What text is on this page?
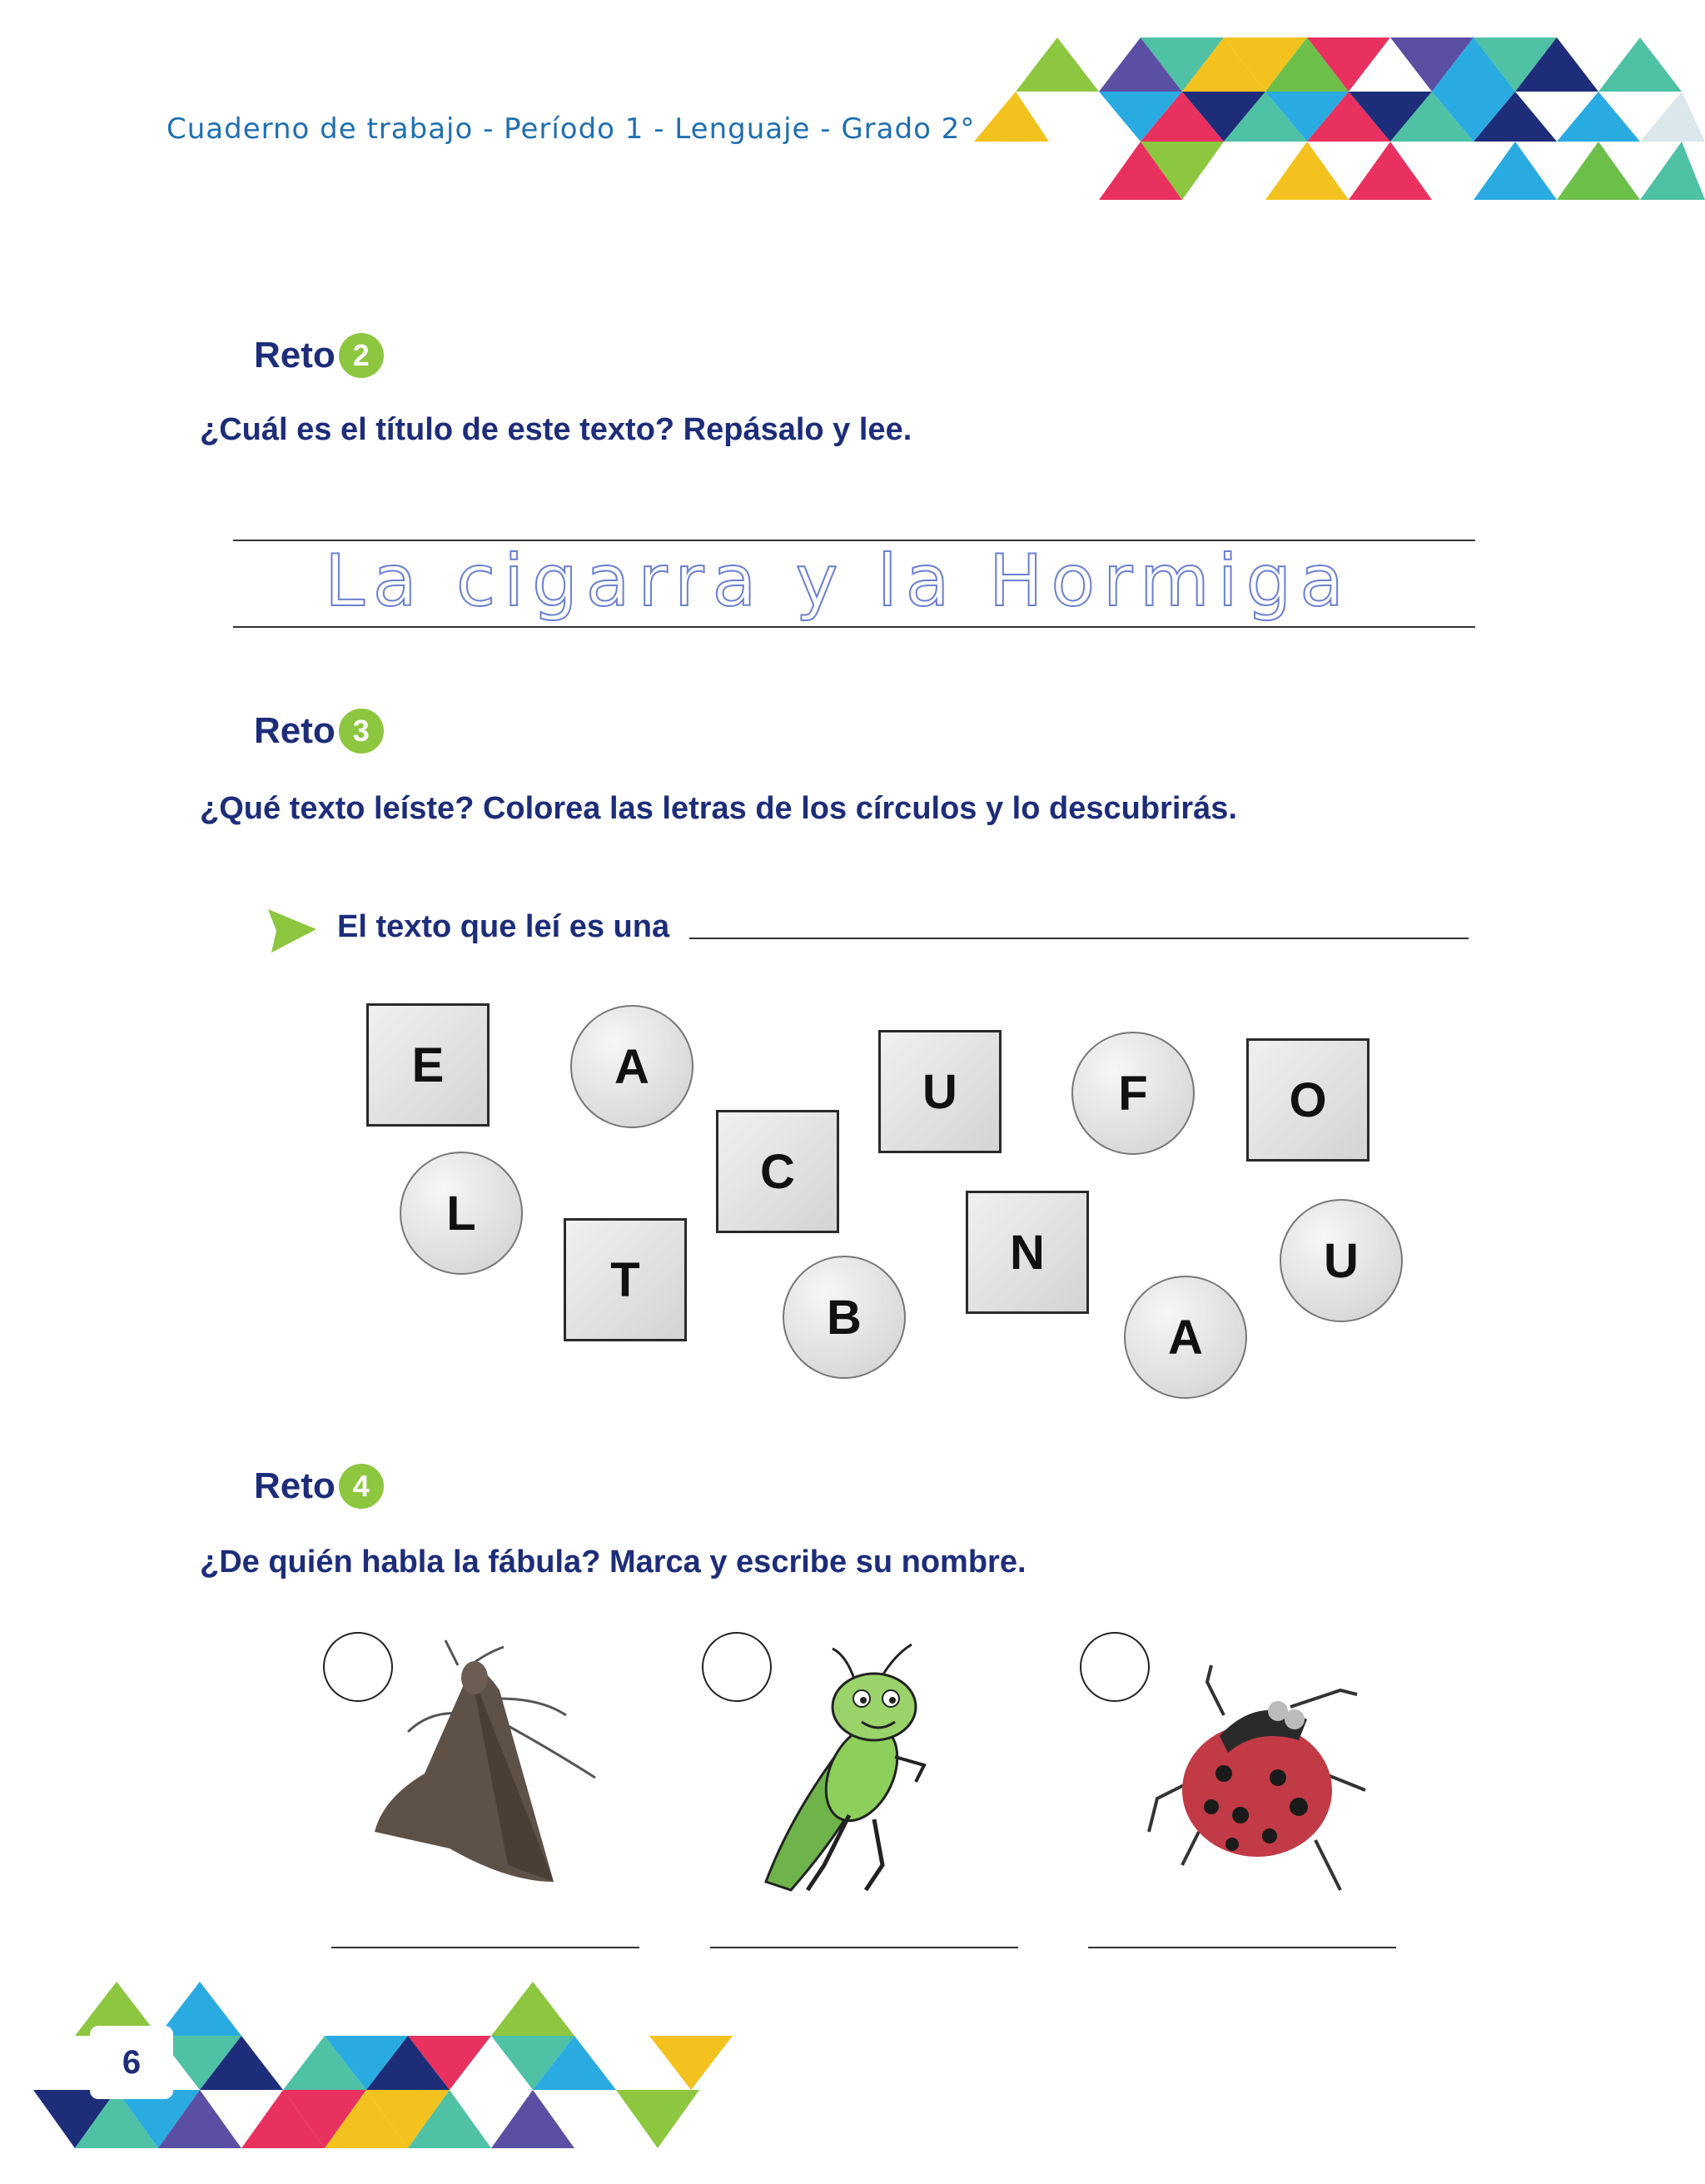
Cuaderno de trabajo - Período 1 - Lenguaje - Grado 2°
Reto 2
¿Cuál es el título de este texto? Repásalo y lee.
La cigarra y la Hormiga
Reto 3
¿Qué texto leíste? Colorea las letras de los círculos y lo descubrirás.
El texto que leí es una
E	A	U	F	O
C
L
N	U
T
B	A
Reto 4
¿De quién habla la fábula? Marca y escribe su nombre.
6
